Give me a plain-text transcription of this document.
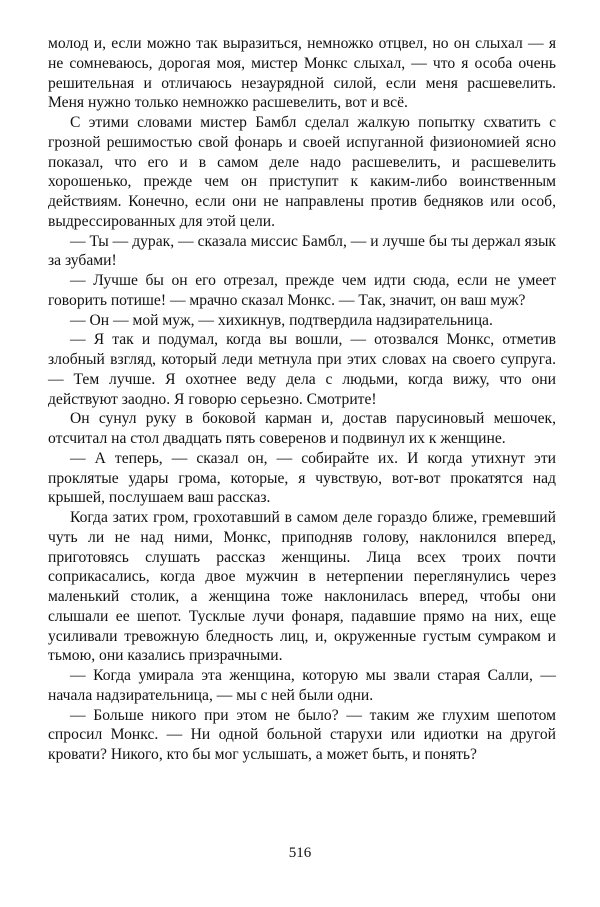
молод и, если можно так выразиться, немножко отцвел, но он слыхал — я не сомневаюсь, дорогая моя, мистер Монкс слыхал, — что я особа очень решительная и отличаюсь незаурядной силой, если меня расшевелить. Меня нужно только немножко расшевелить, вот и всё.

С этими словами мистер Бамбл сделал жалкую попытку схватить с грозной решимостью свой фонарь и своей испуганной физиономией ясно показал, что его и в самом деле надо расшевелить, и расшевелить хорошенько, прежде чем он приступит к каким-либо воинственным действиям. Конечно, если они не направлены против бедняков или особ, выдрессированных для этой цели.

— Ты — дурак, — сказала миссис Бамбл, — и лучше бы ты держал язык за зубами!

— Лучше бы он его отрезал, прежде чем идти сюда, если не умеет говорить потише! — мрачно сказал Монкс. — Так, значит, он ваш муж?

— Он — мой муж, — хихикнув, подтвердила надзирательница.

— Я так и подумал, когда вы вошли, — отозвался Монкс, отметив злобный взгляд, который леди метнула при этих словах на своего супруга. — Тем лучше. Я охотнее веду дела с людьми, когда вижу, что они действуют заодно. Я говорю серьезно. Смотрите!

Он сунул руку в боковой карман и, достав парусиновый мешочек, отсчитал на стол двадцать пять соверенов и подвинул их к женщине.

— А теперь, — сказал он, — собирайте их. И когда утихнут эти проклятые удары грома, которые, я чувствую, вот-вот прокатятся над крышей, послушаем ваш рассказ.

Когда затих гром, грохотавший в самом деле гораздо ближе, гремевший чуть ли не над ними, Монкс, приподняв голову, наклонился вперед, приготовясь слушать рассказ женщины. Лица всех троих почти соприкасались, когда двое мужчин в нетерпении переглянулись через маленький столик, а женщина тоже наклонилась вперед, чтобы они слышали ее шепот. Тусклые лучи фонаря, падавшие прямо на них, еще усиливали тревожную бледность лиц, и, окруженные густым сумраком и тьмою, они казались призрачными.

— Когда умирала эта женщина, которую мы звали старая Салли, — начала надзирательница, — мы с ней были одни.

— Больше никого при этом не было? — таким же глухим шепотом спросил Монкс. — Ни одной больной старухи или идиотки на другой кровати? Никого, кто бы мог услышать, а может быть, и понять?

516
